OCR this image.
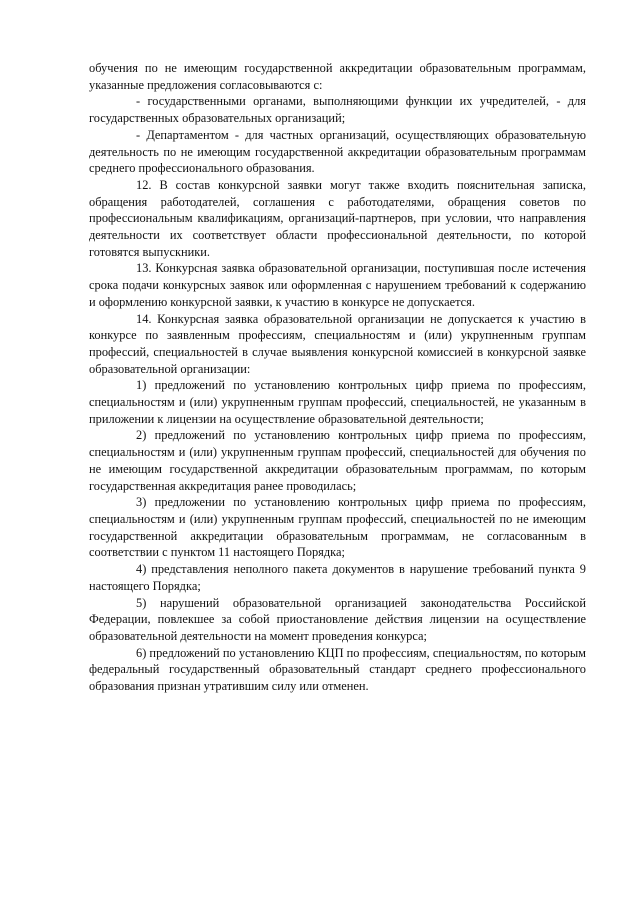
обучения по не имеющим государственной аккредитации образовательным программам, указанные предложения согласовываются с:

- государственными органами, выполняющими функции их учредителей, - для государственных образовательных организаций;

- Департаментом - для частных организаций, осуществляющих образовательную деятельность по не имеющим государственной аккредитации образовательным программам среднего профессионального образования.

12. В состав конкурсной заявки могут также входить пояснительная записка, обращения работодателей, соглашения с работодателями, обращения советов по профессиональным квалификациям, организаций-партнеров, при условии, что направления деятельности их соответствует области профессиональной деятельности, по которой готовятся выпускники.

13. Конкурсная заявка образовательной организации, поступившая после истечения срока подачи конкурсных заявок или оформленная с нарушением требований к содержанию и оформлению конкурсной заявки, к участию в конкурсе не допускается.

14. Конкурсная заявка образовательной организации не допускается к участию в конкурсе по заявленным профессиям, специальностям и (или) укрупненным группам профессий, специальностей в случае выявления конкурсной комиссией в конкурсной заявке образовательной организации:

1) предложений по установлению контрольных цифр приема по профессиям, специальностям и (или) укрупненным группам профессий, специальностей, не указанным в приложении к лицензии на осуществление образовательной деятельности;

2) предложений по установлению контрольных цифр приема по профессиям, специальностям и (или) укрупненным группам профессий, специальностей для обучения по не имеющим государственной аккредитации образовательным программам, по которым государственная аккредитация ранее проводилась;

3) предложении по установлению контрольных цифр приема по профессиям, специальностям и (или) укрупненным группам профессий, специальностей по не имеющим государственной аккредитации образовательным программам, не согласованным в соответствии с пунктом 11 настоящего Порядка;

4) представления неполного пакета документов в нарушение требований пункта 9 настоящего Порядка;

5) нарушений образовательной организацией законодательства Российской Федерации, повлекшее за собой приостановление действия лицензии на осуществление образовательной деятельности на момент проведения конкурса;

6) предложений по установлению КЦП по профессиям, специальностям, по которым федеральный государственный образовательный стандарт среднего профессионального образования признан утратившим силу или отменен.
